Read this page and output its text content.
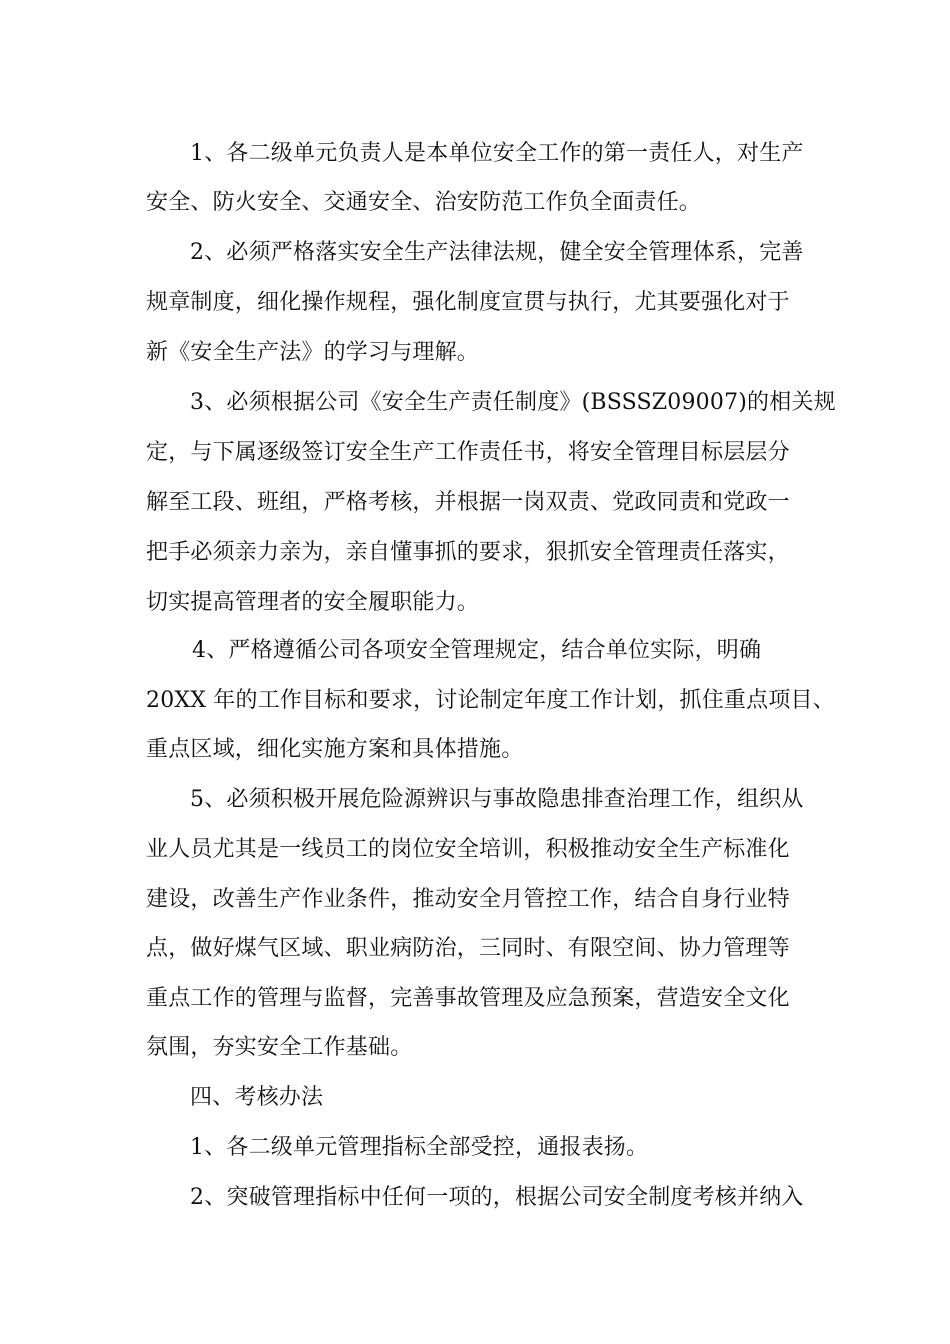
1、各二级单元负责人是本单位安全工作的第一责任人，对生产
安全、防火安全、交通安全、治安防范工作负全面责任。
2、必须严格落实安全生产法律法规，健全安全管理体系，完善
规章制度，细化操作规程，强化制度宣贯与执行，尤其要强化对于
新《安全生产法》的学习与理解。
3、必须根据公司《安全生产责任制度》(BSSSZ09007)的相关规
定，与下属逐级签订安全生产工作责任书，将安全管理目标层层分
解至工段、班组，严格考核，并根据一岗双责、党政同责和党政一
把手必须亲力亲为，亲自懂事抓的要求，狠抓安全管理责任落实，
切实提高管理者的安全履职能力。
4、严格遵循公司各项安全管理规定，结合单位实际，明确
20XX 年的工作目标和要求，讨论制定年度工作计划，抓住重点项目、
重点区域，细化实施方案和具体措施。
5、必须积极开展危险源辨识与事故隐患排查治理工作，组织从
业人员尤其是一线员工的岗位安全培训，积极推动安全生产标准化
建设，改善生产作业条件，推动安全月管控工作，结合自身行业特
点，做好煤气区域、职业病防治，三同时、有限空间、协力管理等
重点工作的管理与监督，完善事故管理及应急预案，营造安全文化
氛围，夯实安全工作基础。
四、考核办法
1、各二级单元管理指标全部受控，通报表扬。
2、突破管理指标中任何一项的，根据公司安全制度考核并纳入
